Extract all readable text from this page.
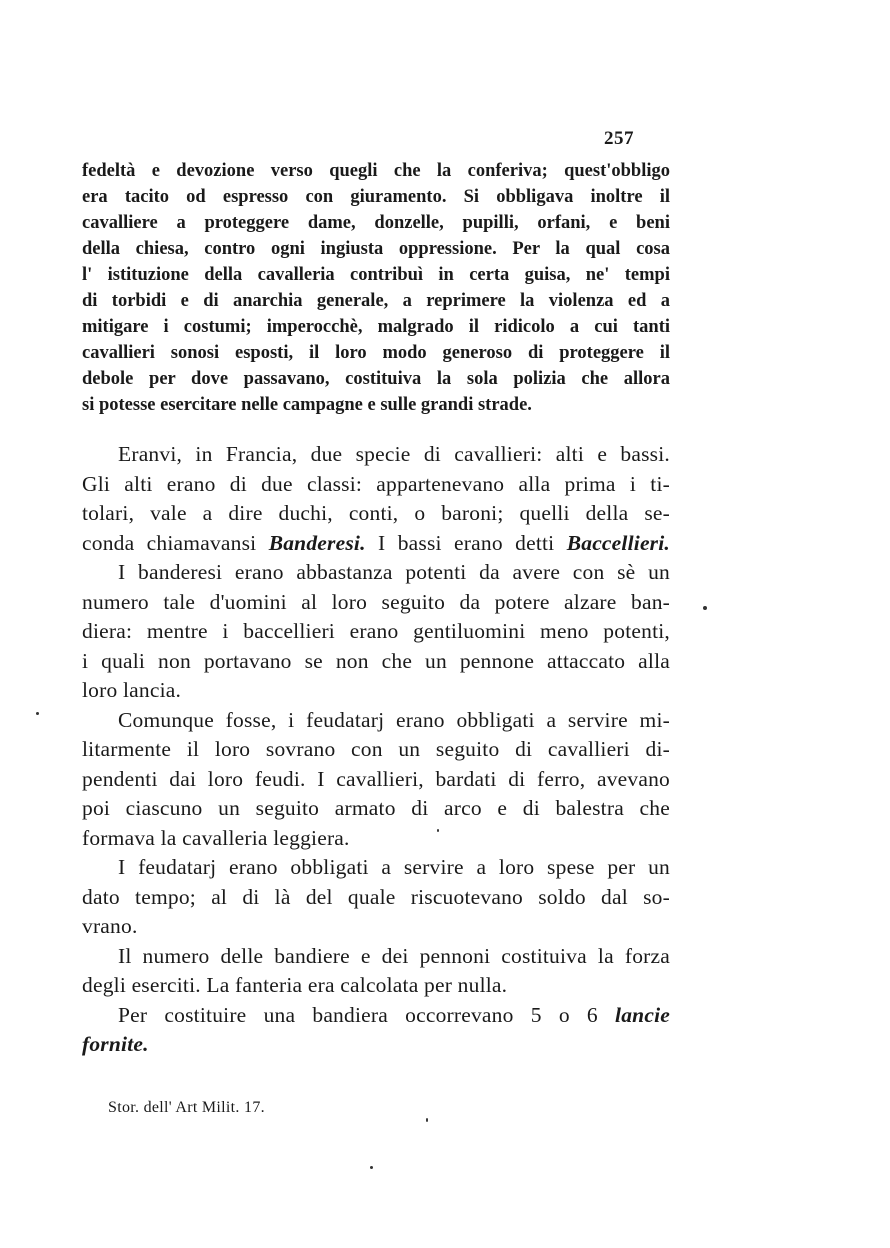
257
fedeltà e devozione verso quegli che la conferiva; quest'obbligo
era tacito od espresso con giuramento. Si obbligava inoltre il
cavalliere a proteggere dame, donzelle, pupilli, orfani, e beni
della chiesa, contro ogni ingiusta oppressione. Per la qual cosa
l' istituzione della cavalleria contribuì in certa guisa, ne' tempi
di torbidi e di anarchia generale, a reprimere la violenza ed a
mitigare i costumi; imperocchè, malgrado il ridicolo a cui tanti
cavallieri sonosi esposti, il loro modo generoso di proteggere il
debole per dove passavano, costituiva la sola polizia che allora
si potesse esercitare nelle campagne e sulle grandi strade.
Eranvi, in Francia, due specie di cavallieri: alti e bassi.
Gli alti erano di due classi: appartenevano alla prima i ti-
tolari, vale a dire duchi, conti, o baroni; quelli della se-
conda chiamavansi Banderesi. I bassi erano detti Baccellieri.
I banderesi erano abbastanza potenti da avere con sè un
numero tale d'uomini al loro seguito da potere alzare ban-
diera: mentre i baccellieri erano gentiluomini meno potenti,
i quali non portavano se non che un pennone attaccato alla
loro lancia.
Comunque fosse, i feudatarj erano obbligati a servire mi-
litarmente il loro sovrano con un seguito di cavallieri di-
pendenti dai loro feudi. I cavallieri, bardati di ferro, avevano
poi ciascuno un seguito armato di arco e di balestra che
formava la cavalleria leggiera.
I feudatarj erano obbligati a servire a loro spese per un
dato tempo; al di là del quale riscuotevano soldo dal so-
vrano.
Il numero delle bandiere e dei pennoni costituiva la forza
degli eserciti. La fanteria era calcolata per nulla.
Per costituire una bandiera occorrevano 5 o 6 lancie
fornite.
Stor. dell' Art Milit. 17.
